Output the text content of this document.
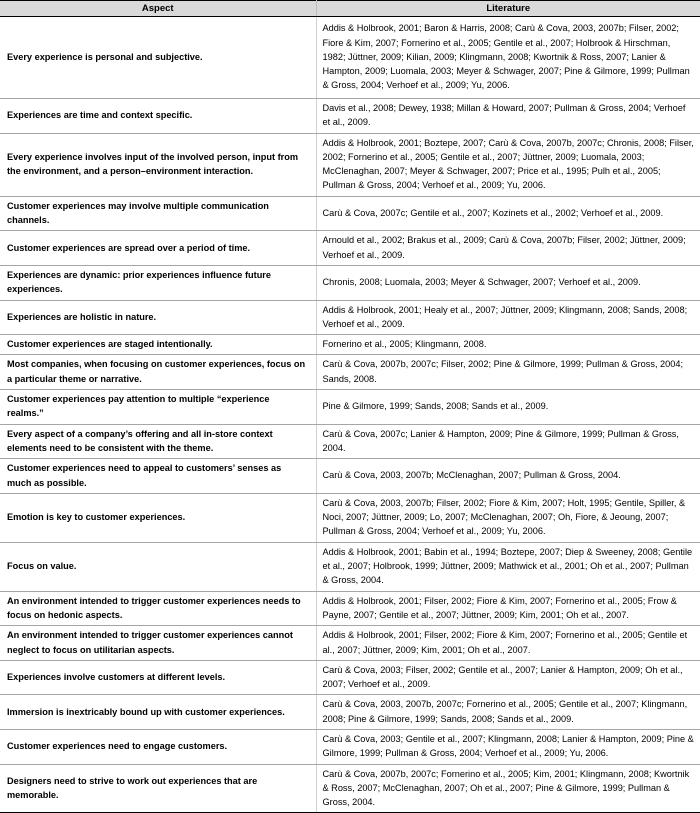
Aspect	Literature
Every experience is personal and subjective.	Addis & Holbrook, 2001; Baron & Harris, 2008; Carù & Cova, 2003, 2007b; Filser, 2002; Fiore & Kim, 2007; Fornerino et al., 2005; Gentile et al., 2007; Holbrook & Hirschman, 1982; Jüttner, 2009; Kilian, 2009; Klingmann, 2008; Kwortnik & Ross, 2007; Lanier & Hampton, 2009; Luomala, 2003; Meyer & Schwager, 2007; Pine & Gilmore, 1999; Pullman & Gross, 2004; Verhoef et al., 2009; Yu, 2006.
Experiences are time and context specific.	Davis et al., 2008; Dewey, 1938; Millan & Howard, 2007; Pullman & Gross, 2004; Verhoef et al., 2009.
Every experience involves input of the involved person, input from the environment, and a person–environment interaction.	Addis & Holbrook, 2001; Boztepe, 2007; Carù & Cova, 2007b, 2007c; Chronis, 2008; Filser, 2002; Fornerino et al., 2005; Gentile et al., 2007; Jüttner, 2009; Luomala, 2003; McClenaghan, 2007; Meyer & Schwager, 2007; Price et al., 1995; Pulh et al., 2005; Pullman & Gross, 2004; Verhoef et al., 2009; Yu, 2006.
Customer experiences may involve multiple communication channels.	Carù & Cova, 2007c; Gentile et al., 2007; Kozinets et al., 2002; Verhoef et al., 2009.
Customer experiences are spread over a period of time.	Arnould et al., 2002; Brakus et al., 2009; Carù & Cova, 2007b; Filser, 2002; Jüttner, 2009; Verhoef et al., 2009.
Experiences are dynamic: prior experiences influence future experiences.	Chronis, 2008; Luomala, 2003; Meyer & Schwager, 2007; Verhoef et al., 2009.
Experiences are holistic in nature.	Addis & Holbrook, 2001; Healy et al., 2007; Jüttner, 2009; Klingmann, 2008; Sands, 2008; Verhoef et al., 2009.
Customer experiences are staged intentionally.	Fornerino et al., 2005; Klingmann, 2008.
Most companies, when focusing on customer experiences, focus on a particular theme or narrative.	Carù & Cova, 2007b, 2007c; Filser, 2002; Pine & Gilmore, 1999; Pullman & Gross, 2004; Sands, 2008.
Customer experiences pay attention to multiple “experience realms.”	Pine & Gilmore, 1999; Sands, 2008; Sands et al., 2009.
Every aspect of a company’s offering and all in-store context elements need to be consistent with the theme.	Carù & Cova, 2007c; Lanier & Hampton, 2009; Pine & Gilmore, 1999; Pullman & Gross, 2004.
Customer experiences need to appeal to customers’ senses as much as possible.	Carù & Cova, 2003, 2007b; McClenaghan, 2007; Pullman & Gross, 2004.
Emotion is key to customer experiences.	Carù & Cova, 2003, 2007b; Filser, 2002; Fiore & Kim, 2007; Holt, 1995; Gentile, Spiller, & Noci, 2007; Jüttner, 2009; Lo, 2007; McClenaghan, 2007; Oh, Fiore, & Jeoung, 2007; Pullman & Gross, 2004; Verhoef et al., 2009; Yu, 2006.
Focus on value.	Addis & Holbrook, 2001; Babin et al., 1994; Boztepe, 2007; Diep & Sweeney, 2008; Gentile et al., 2007; Holbrook, 1999; Jüttner, 2009; Mathwick et al., 2001; Oh et al., 2007; Pullman & Gross, 2004.
An environment intended to trigger customer experiences needs to focus on hedonic aspects.	Addis & Holbrook, 2001; Filser, 2002; Fiore & Kim, 2007; Fornerino et al., 2005; Frow & Payne, 2007; Gentile et al., 2007; Jüttner, 2009; Kim, 2001; Oh et al., 2007.
An environment intended to trigger customer experiences cannot neglect to focus on utilitarian aspects.	Addis & Holbrook, 2001; Filser, 2002; Fiore & Kim, 2007; Fornerino et al., 2005; Gentile et al., 2007; Jüttner, 2009; Kim, 2001; Oh et al., 2007.
Experiences involve customers at different levels.	Carù & Cova, 2003; Filser, 2002; Gentile et al., 2007; Lanier & Hampton, 2009; Oh et al., 2007; Verhoef et al., 2009.
Immersion is inextricably bound up with customer experiences.	Carù & Cova, 2003, 2007b, 2007c; Fornerino et al., 2005; Gentile et al., 2007; Klingmann, 2008; Pine & Gilmore, 1999; Sands, 2008; Sands et al., 2009.
Customer experiences need to engage customers.	Carù & Cova, 2003; Gentile et al., 2007; Klingmann, 2008; Lanier & Hampton, 2009; Pine & Gilmore, 1999; Pullman & Gross, 2004; Verhoef et al., 2009; Yu, 2006.
Designers need to strive to work out experiences that are memorable.	Carù & Cova, 2007b, 2007c; Fornerino et al., 2005; Kim, 2001; Klingmann, 2008; Kwortnik & Ross, 2007; McClenaghan, 2007; Oh et al., 2007; Pine & Gilmore, 1999; Pullman & Gross, 2004.
